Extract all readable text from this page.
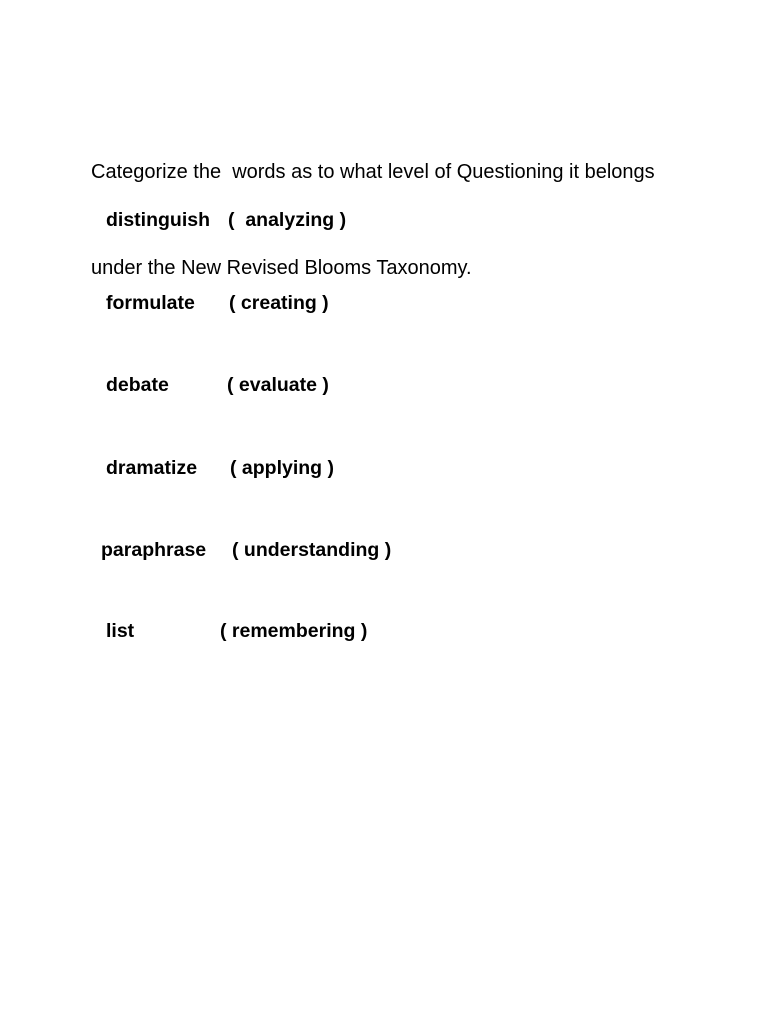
Categorize the  words as to what level of Questioning it belongs

under the New Revised Blooms Taxonomy.

distinguish

(  analyzing )

formulate

( creating )

debate

	( evaluate )

dramatize

( applying )

paraphrase

( understanding )

list

	( remembering )
